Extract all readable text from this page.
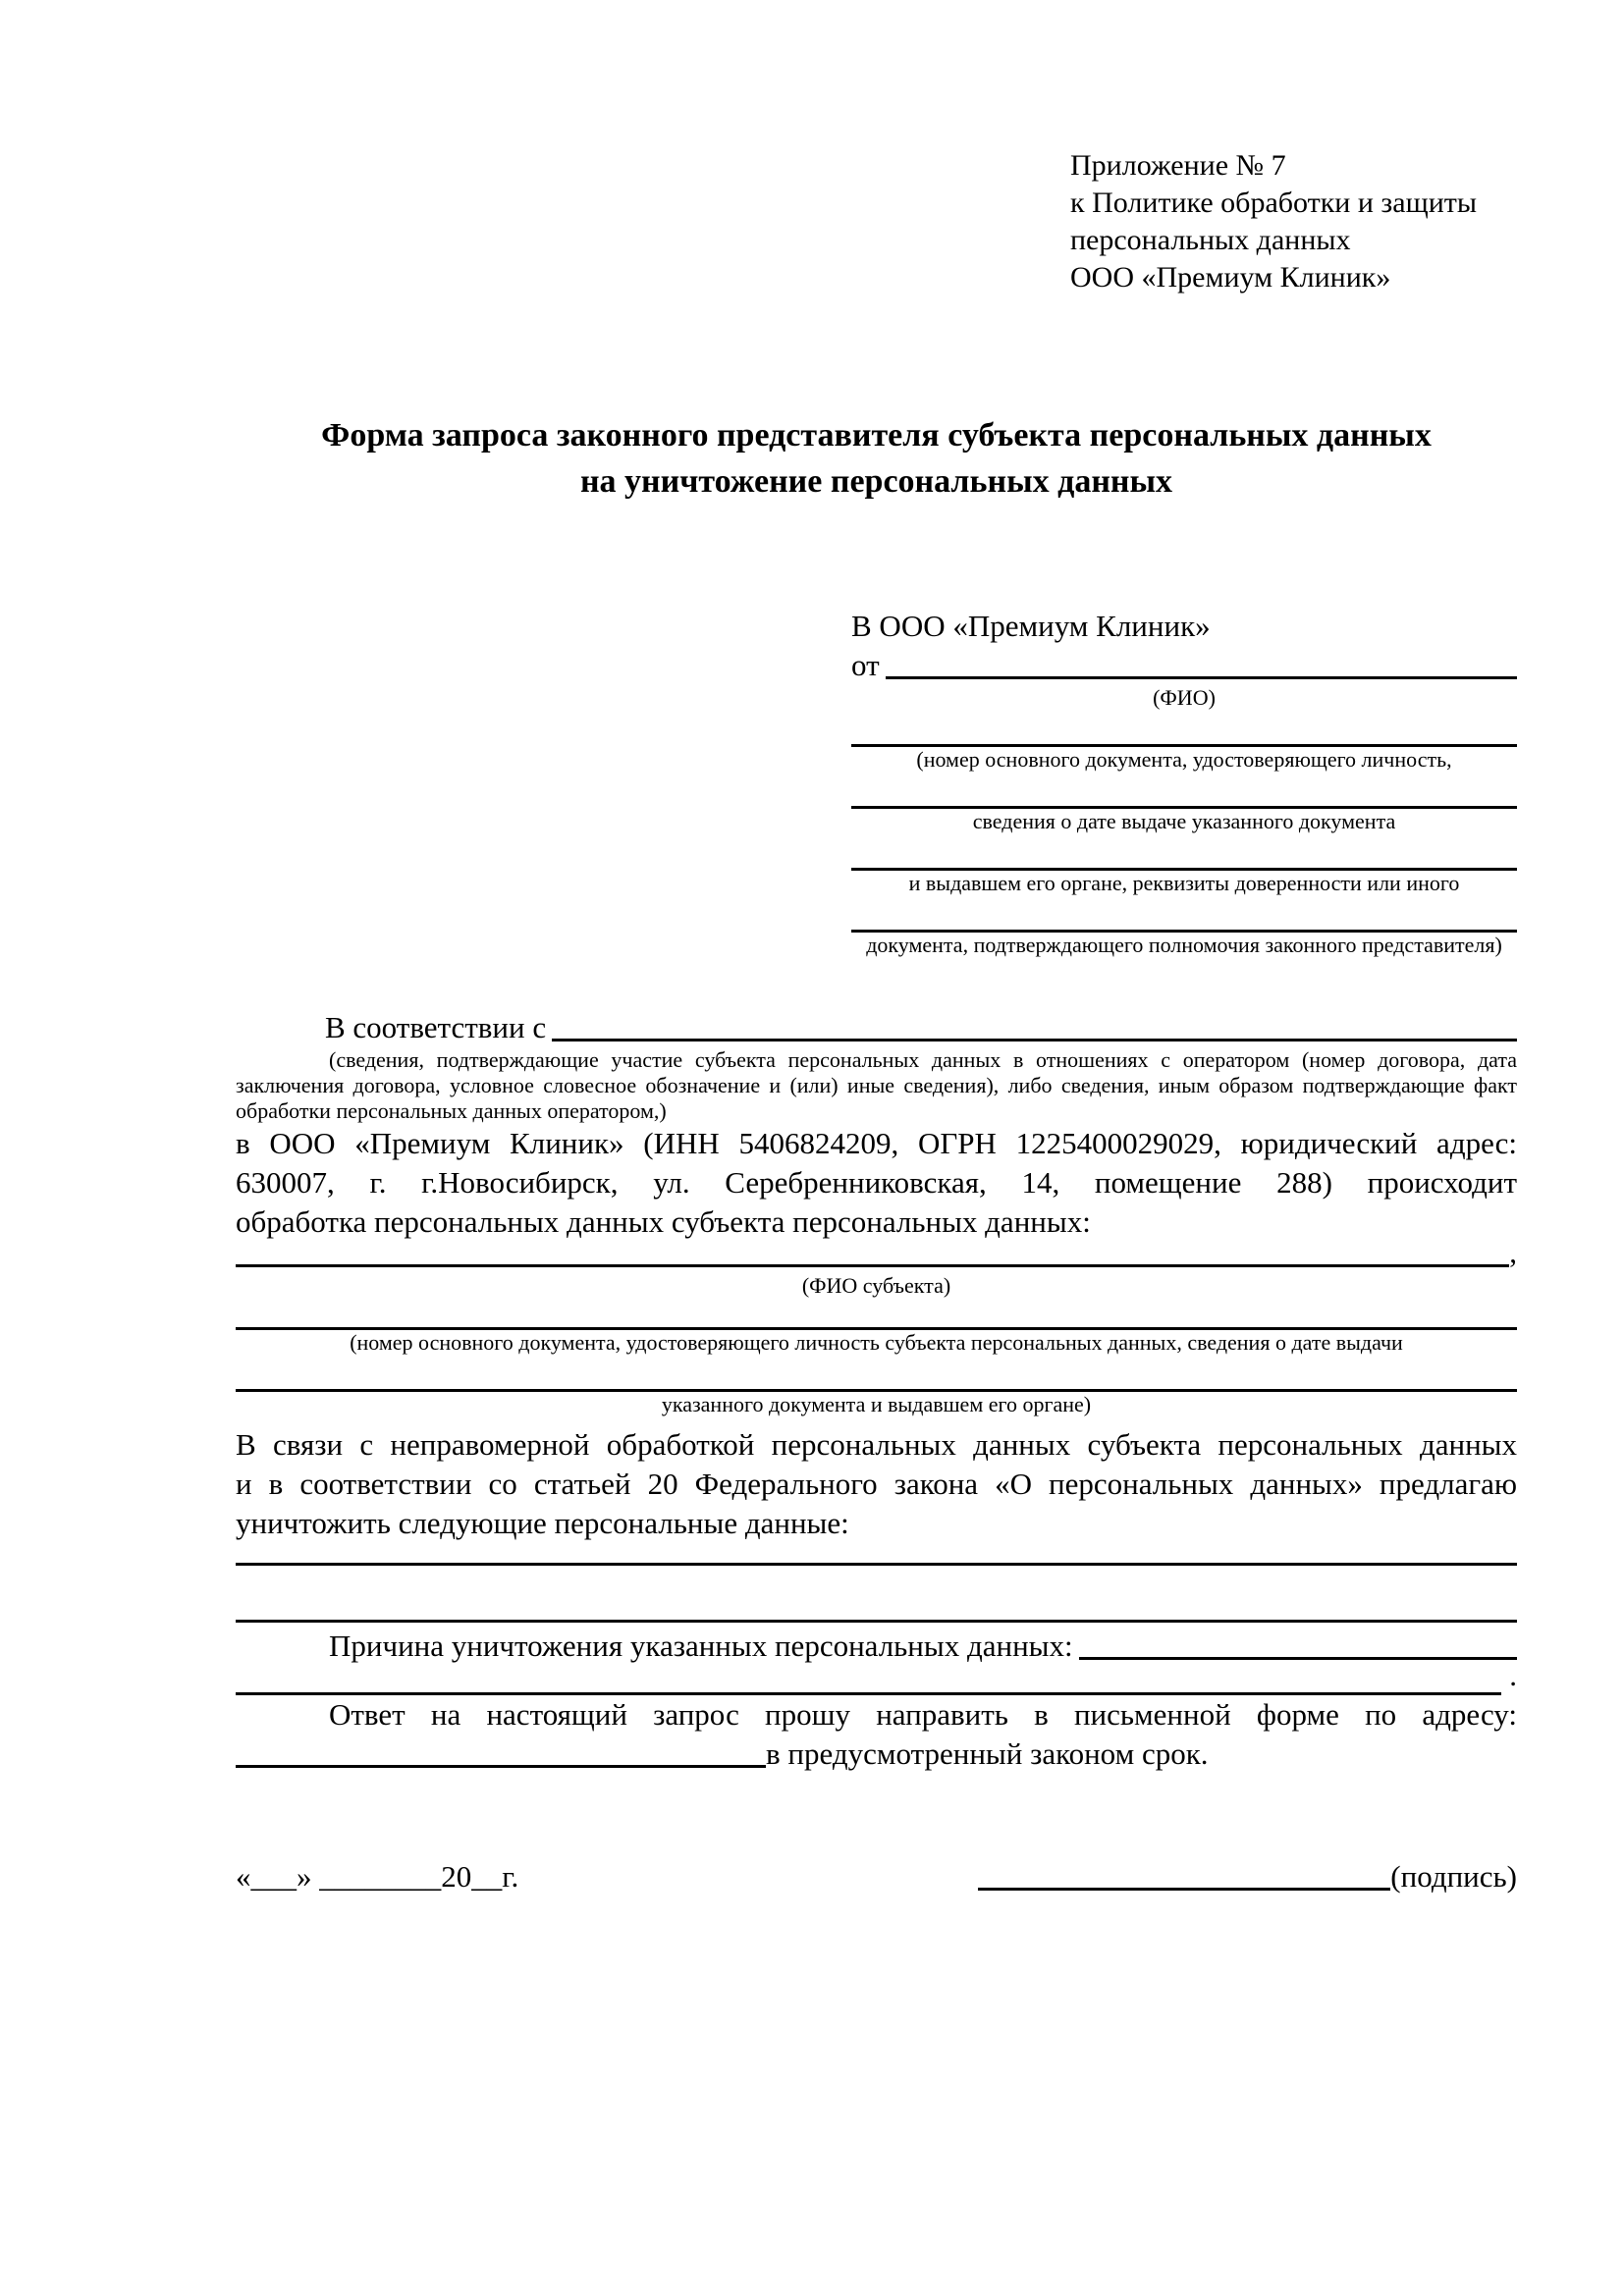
Приложение № 7
к Политике обработки и защиты
персональных данных
ООО «Премиум Клиник»
Форма запроса законного представителя субъекта персональных данных
на уничтожение персональных данных
В ООО «Премиум Клиник»
от
(ФИО)
(номер основного документа, удостоверяющего личность,
сведения о дате выдаче указанного документа
и выдавшем его органе, реквизиты доверенности или иного
документа, подтверждающего полномочия законного представителя)
В соответствии с
(сведения, подтверждающие участие субъекта персональных данных в отношениях с оператором (номер договора, дата
заключения договора, условное словесное обозначение и (или) иные сведения), либо сведения, иным образом подтверждающие факт
обработки персональных данных оператором,)
в ООО «Премиум Клиник» (ИНН 5406824209, ОГРН 1225400029029, юридический адрес:
630007, г. г.Новосибирск, ул. Серебренниковская, 14, помещение 288) происходит
обработка персональных данных субъекта персональных данных:
,
(ФИО субъекта)
(номер основного документа, удостоверяющего личность субъекта персональных данных, сведения о дате выдачи
указанного документа и выдавшем его органе)
В связи с неправомерной обработкой персональных данных субъекта персональных данных
и в соответствии со статьей 20 Федерального закона «О персональных данных» предлагаю
уничтожить следующие персональные данные:
Причина уничтожения указанных персональных данных:
.
Ответ на настоящий запрос прошу направить в письменной форме по адресу:
в предусмотренный законом срок.
«___» ________20__г.	(подпись)
